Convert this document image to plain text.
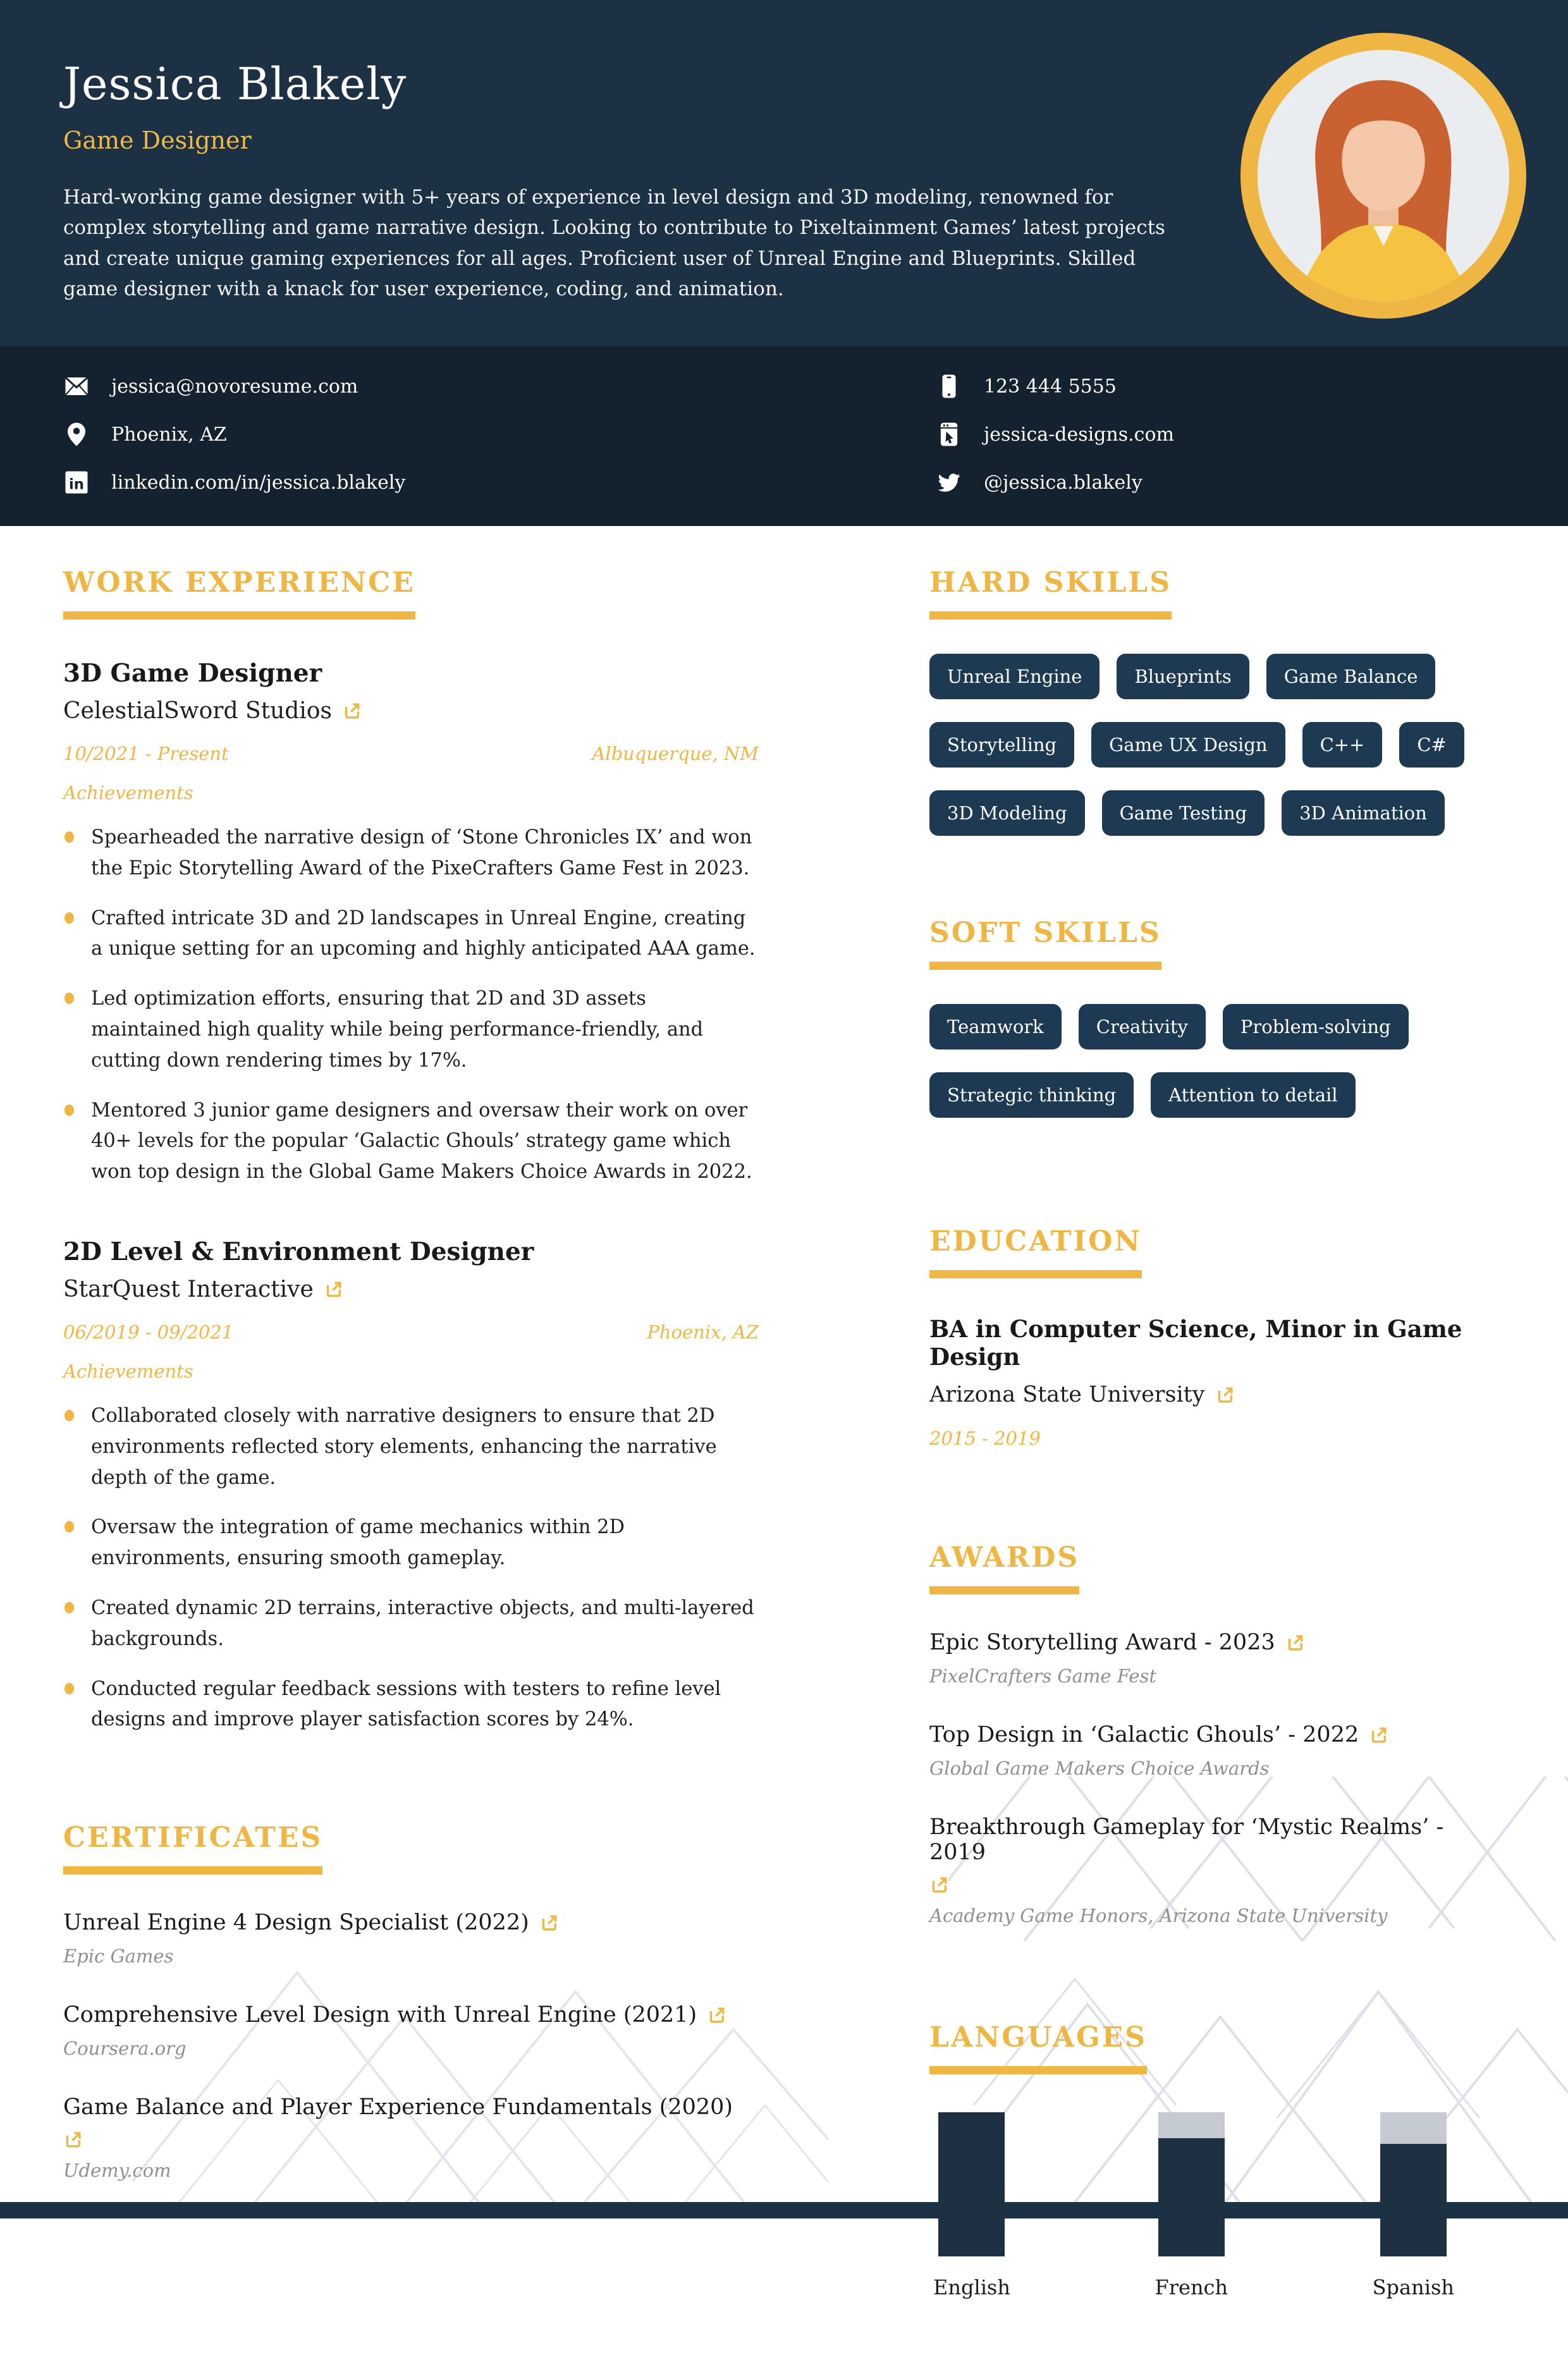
Jessica Blakely
Game Designer
Hard-working game designer with 5+ years of experience in level design and 3D modeling, renowned for complex storytelling and game narrative design. Looking to contribute to Pixeltainment Games’ latest projects and create unique gaming experiences for all ages. Proficient user of Unreal Engine and Blueprints. Skilled game designer with a knack for user experience, coding, and animation.
jessica@novoresume.com
Phoenix, AZ
in linkedin.com/in/jessica.blakely
123 444 5555
jessica-designs.com
@jessica.blakely
WORK EXPERIENCE
3D Game Designer
CelestialSword Studios
10/2021 - Present	Albuquerque, NM
Achievements
Spearheaded the narrative design of ‘Stone Chronicles IX’ and won the Epic Storytelling Award of the PixeCrafters Game Fest in 2023.
Crafted intricate 3D and 2D landscapes in Unreal Engine, creating a unique setting for an upcoming and highly anticipated AAA game.
Led optimization efforts, ensuring that 2D and 3D assets maintained high quality while being performance-friendly, and cutting down rendering times by 17%.
Mentored 3 junior game designers and oversaw their work on over 40+ levels for the popular ‘Galactic Ghouls’ strategy game which won top design in the Global Game Makers Choice Awards in 2022.
2D Level & Environment Designer
StarQuest Interactive
06/2019 - 09/2021	Phoenix, AZ
Achievements
Collaborated closely with narrative designers to ensure that 2D environments reflected story elements, enhancing the narrative depth of the game.
Oversaw the integration of game mechanics within 2D environments, ensuring smooth gameplay.
Created dynamic 2D terrains, interactive objects, and multi-layered backgrounds.
Conducted regular feedback sessions with testers to refine level designs and improve player satisfaction scores by 24%.
CERTIFICATES
Unreal Engine 4 Design Specialist (2022)
Epic Games
Comprehensive Level Design with Unreal Engine (2021)
Coursera.org
Game Balance and Player Experience Fundamentals (2020)
Udemy.com
HARD SKILLS
Unreal Engine	Blueprints	Game Balance
Storytelling	Game UX Design	C++	C#
3D Modeling	Game Testing	3D Animation
SOFT SKILLS
Teamwork	Creativity	Problem-solving
Strategic thinking	Attention to detail
EDUCATION
BA in Computer Science, Minor in Game Design
Arizona State University
2015 - 2019
AWARDS
Epic Storytelling Award - 2023
PixelCrafters Game Fest
Top Design in ‘Galactic Ghouls’ - 2022
Global Game Makers Choice Awards
Breakthrough Gameplay for ‘Mystic Realms’ - 2019
Academy Game Honors, Arizona State University
LANGUAGES
English	French	Spanish
